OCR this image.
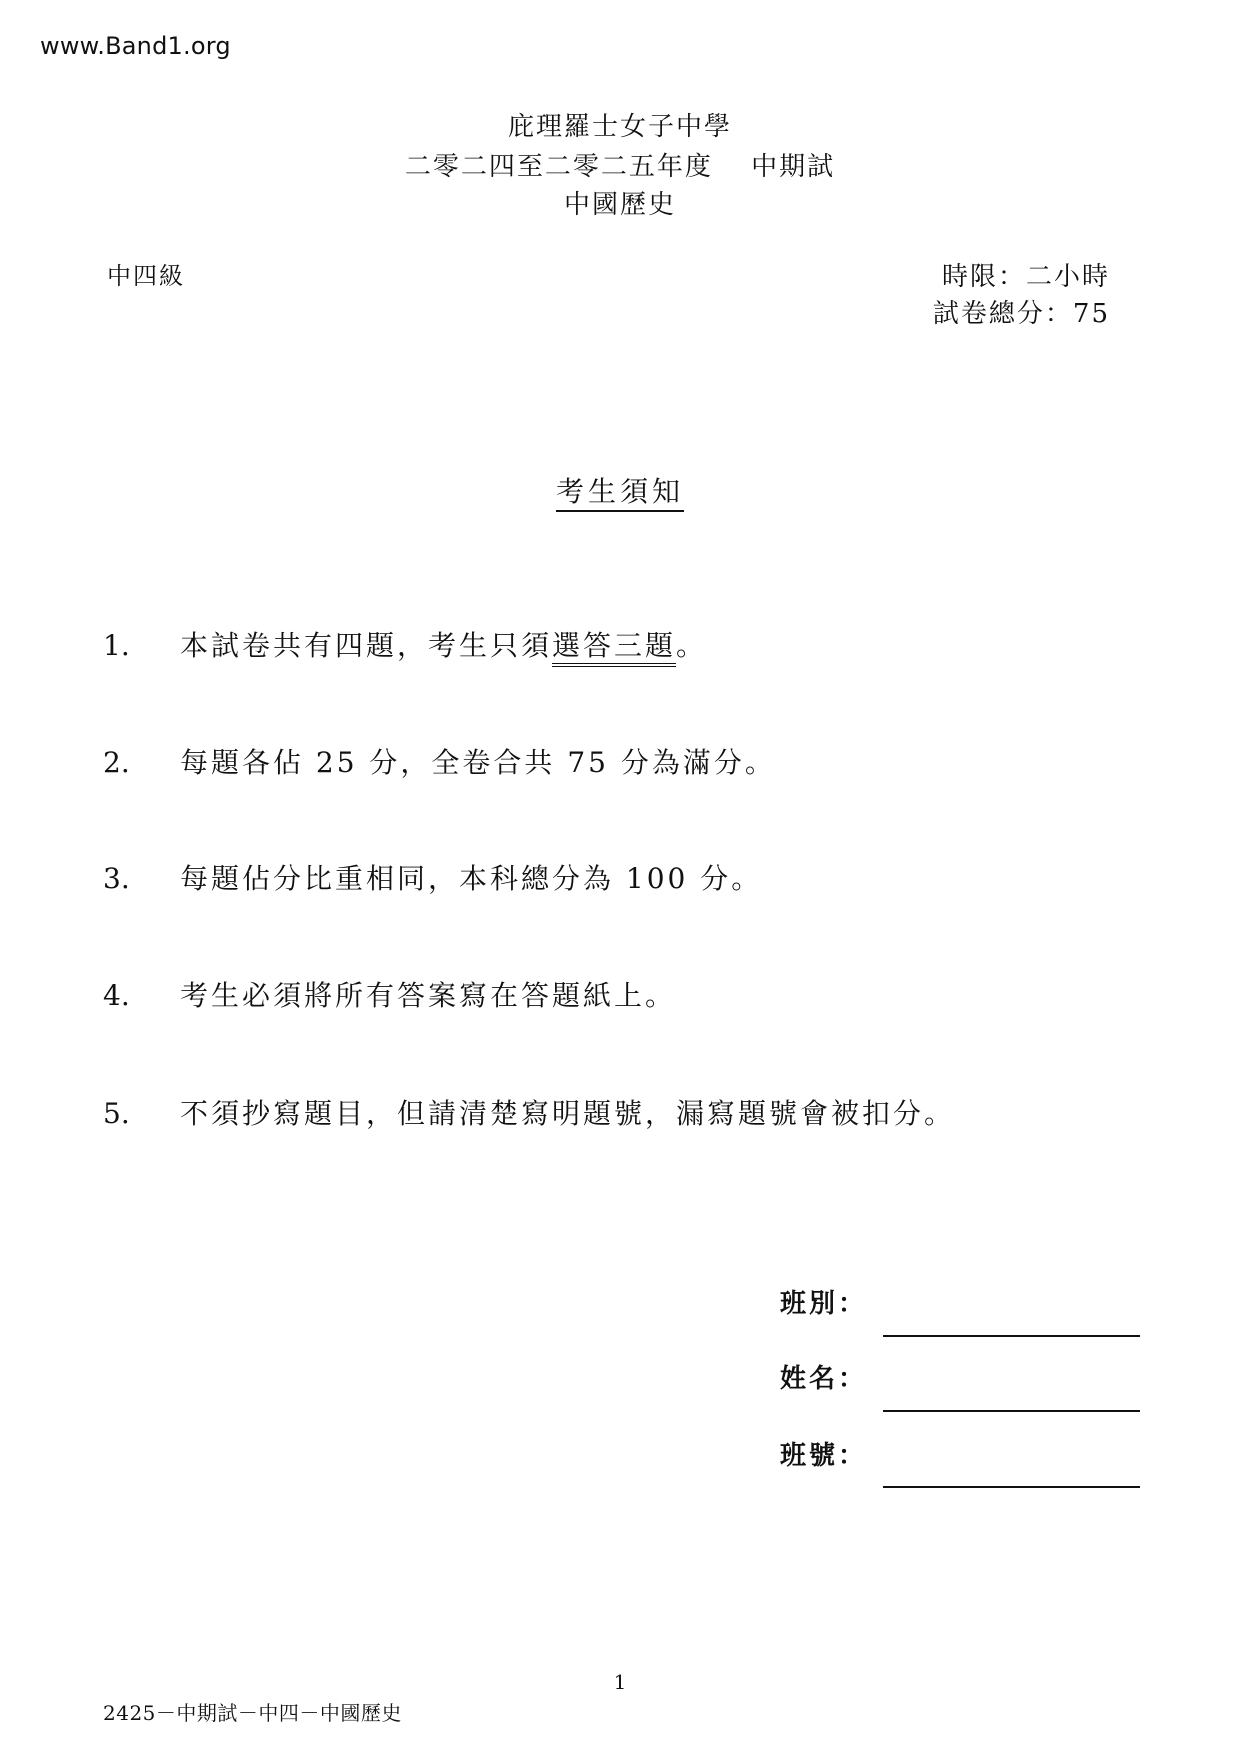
www.Band1.org
庇理羅士女子中學
二零二四至二零二五年度　 中期試
中國歷史
中四級	時限：二小時
試卷總分：75
考生須知
1. 本試卷共有四題，考生只須選答三題。
2. 每題各佔 25 分，全卷合共 75 分為滿分。
3. 每題佔分比重相同，本科總分為 100 分。
4. 考生必須將所有答案寫在答題紙上。
5. 不須抄寫題目，但請清楚寫明題號，漏寫題號會被扣分。
班別：
姓名：
班號：
1
2425－中期試－中四－中國歷史
